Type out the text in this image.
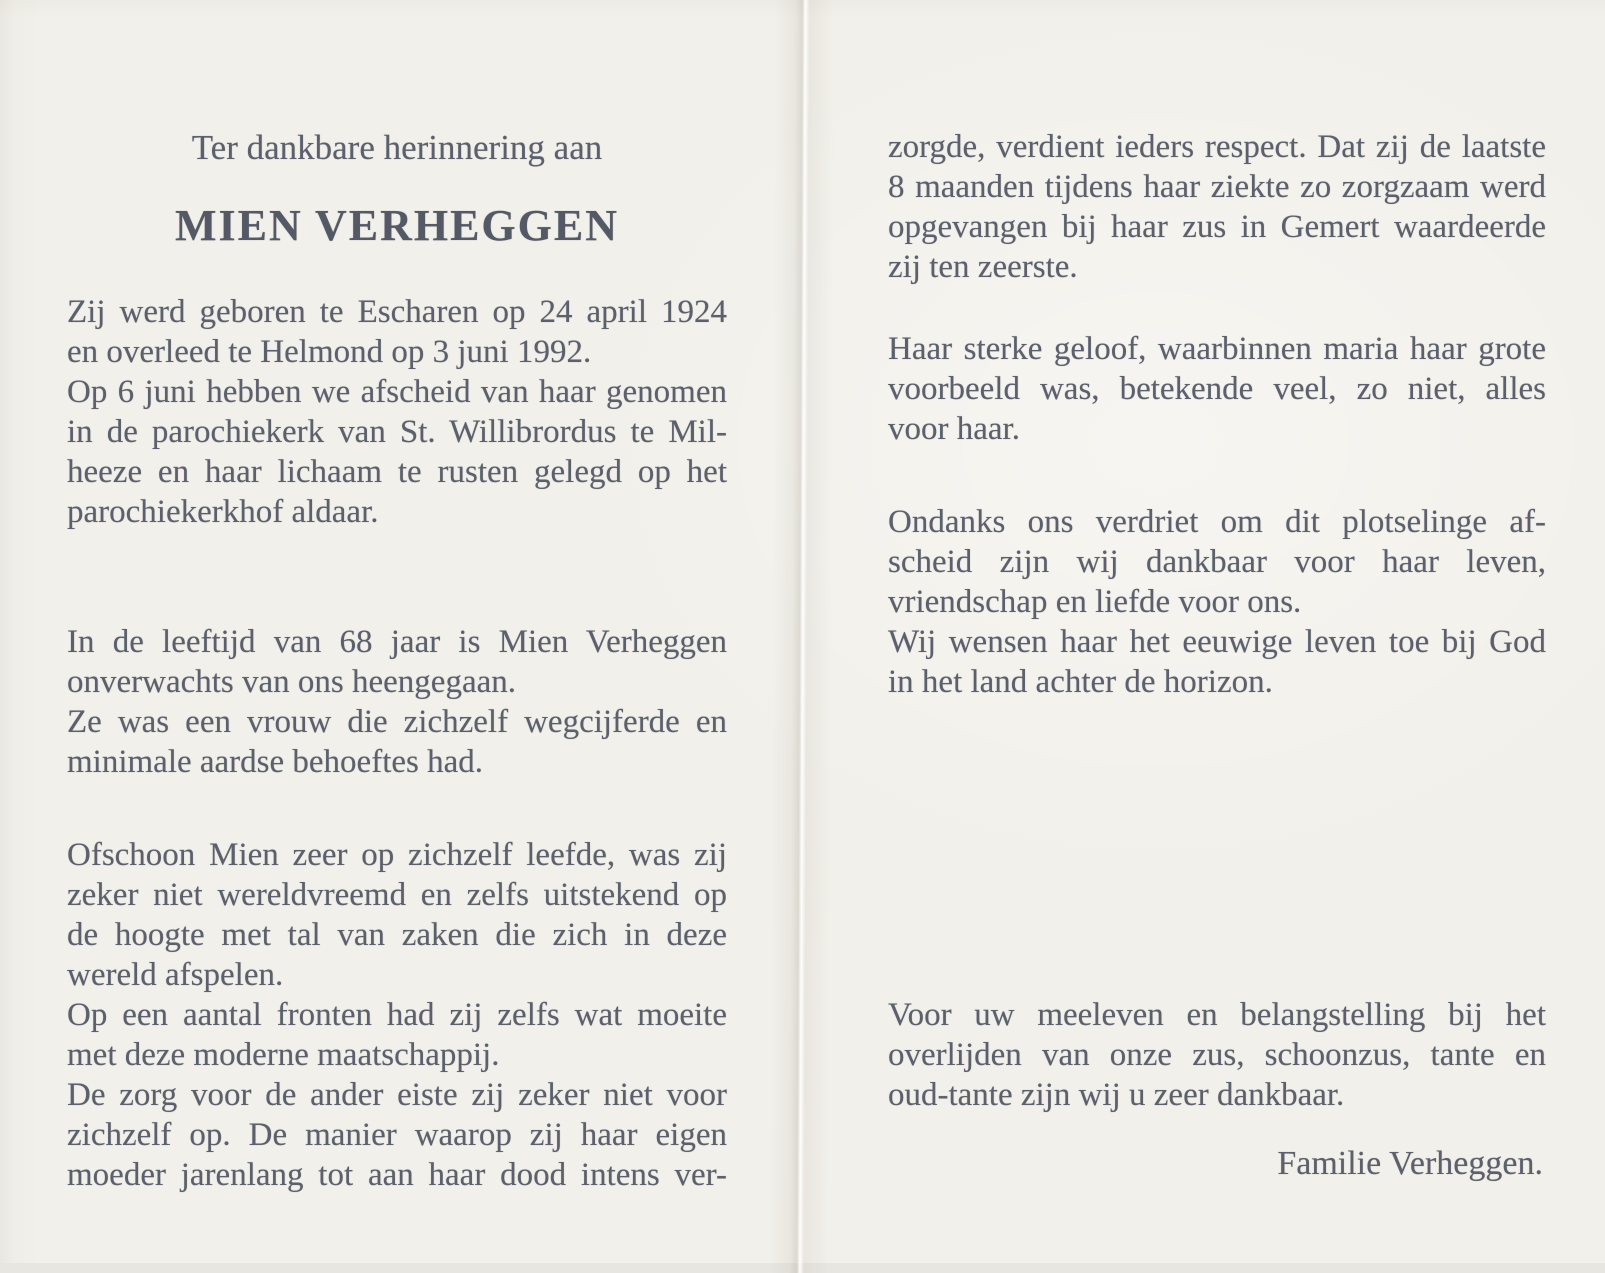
Ter dankbare herinnering aan
MIEN VERHEGGEN
Zij werd geboren te Escharen op 24 april 1924
en overleed te Helmond op 3 juni 1992.
Op 6 juni hebben we afscheid van haar genomen
in de parochiekerk van St. Willibrordus te Mil-
heeze en haar lichaam te rusten gelegd op het
parochiekerkhof aldaar.
In de leeftijd van 68 jaar is Mien Verheggen
onverwachts van ons heengegaan.
Ze was een vrouw die zichzelf wegcijferde en
minimale aardse behoeftes had.
Ofschoon Mien zeer op zichzelf leefde, was zij
zeker niet wereldvreemd en zelfs uitstekend op
de hoogte met tal van zaken die zich in deze
wereld afspelen.
Op een aantal fronten had zij zelfs wat moeite
met deze moderne maatschappij.
De zorg voor de ander eiste zij zeker niet voor
zichzelf op. De manier waarop zij haar eigen
moeder jarenlang tot aan haar dood intens ver-
zorgde, verdient ieders respect. Dat zij de laatste
8 maanden tijdens haar ziekte zo zorgzaam werd
opgevangen bij haar zus in Gemert waardeerde
zij ten zeerste.
Haar sterke geloof, waarbinnen maria haar grote
voorbeeld was, betekende veel, zo niet, alles
voor haar.
Ondanks ons verdriet om dit plotselinge af-
scheid zijn wij dankbaar voor haar leven,
vriendschap en liefde voor ons.
Wij wensen haar het eeuwige leven toe bij God
in het land achter de horizon.
Voor uw meeleven en belangstelling bij het
overlijden van onze zus, schoonzus, tante en
oud-tante zijn wij u zeer dankbaar.
Familie Verheggen.
